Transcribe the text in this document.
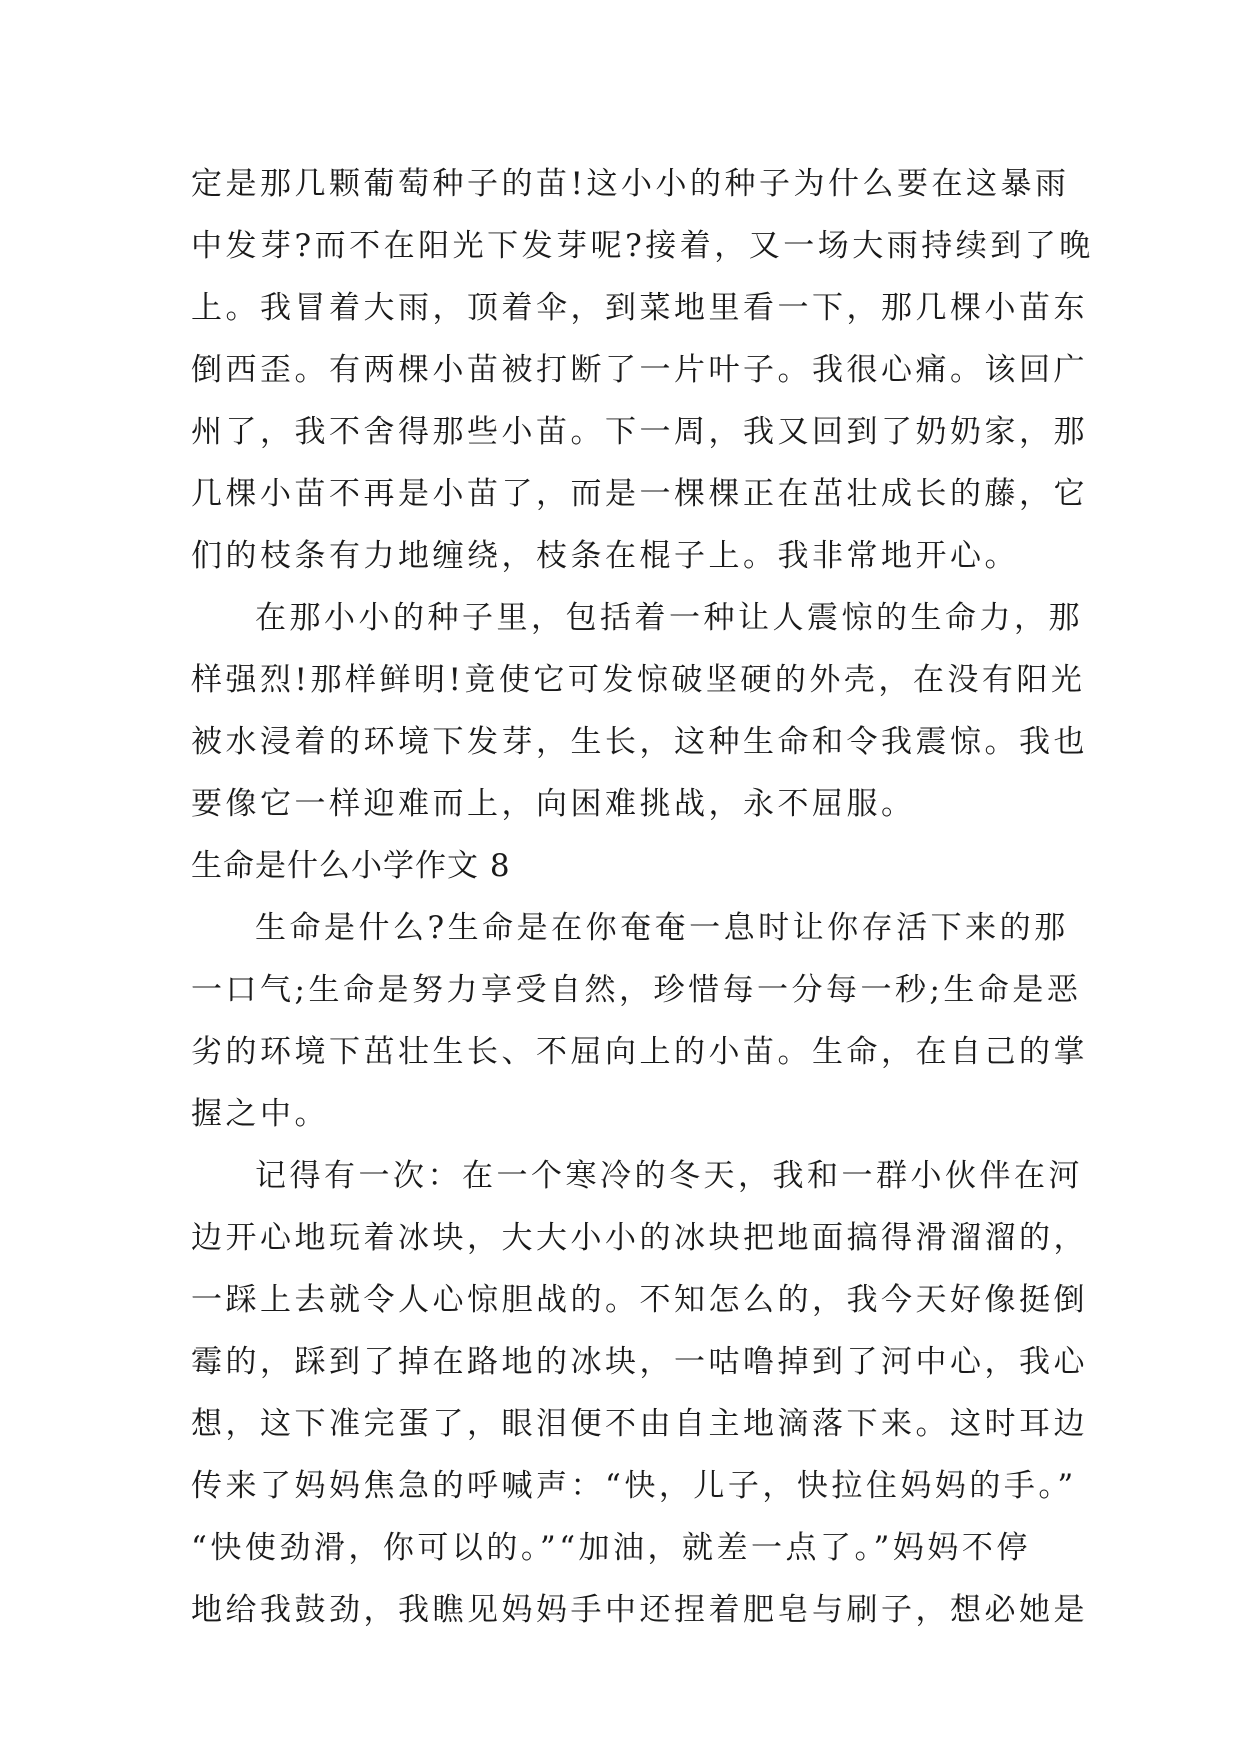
定是那几颗葡萄种子的苗!这小小的种子为什么要在这暴雨
中发芽?而不在阳光下发芽呢?接着，又一场大雨持续到了晚
上。我冒着大雨，顶着伞，到菜地里看一下，那几棵小苗东
倒西歪。有两棵小苗被打断了一片叶子。我很心痛。该回广
州了，我不舍得那些小苗。下一周，我又回到了奶奶家，那
几棵小苗不再是小苗了，而是一棵棵正在茁壮成长的藤，它
们的枝条有力地缠绕，枝条在棍子上。我非常地开心。
在那小小的种子里，包括着一种让人震惊的生命力，那
样强烈!那样鲜明!竟使它可发惊破坚硬的外壳，在没有阳光
被水浸着的环境下发芽，生长，这种生命和令我震惊。我也
要像它一样迎难而上，向困难挑战，永不屈服。
生命是什么小学作文 8
生命是什么?生命是在你奄奄一息时让你存活下来的那
一口气;生命是努力享受自然，珍惜每一分每一秒;生命是恶
劣的环境下茁壮生长、不屈向上的小苗。生命，在自己的掌
握之中。
记得有一次：在一个寒冷的冬天，我和一群小伙伴在河
边开心地玩着冰块，大大小小的冰块把地面搞得滑溜溜的，
一踩上去就令人心惊胆战的。不知怎么的，我今天好像挺倒
霉的，踩到了掉在路地的冰块，一咕噜掉到了河中心，我心
想，这下准完蛋了，眼泪便不由自主地滴落下来。这时耳边
传来了妈妈焦急的呼喊声：“快，儿子，快拉住妈妈的手。”
“快使劲滑，你可以的。”“加油，就差一点了。”妈妈不停
地给我鼓劲，我瞧见妈妈手中还捏着肥皂与刷子，想必她是
